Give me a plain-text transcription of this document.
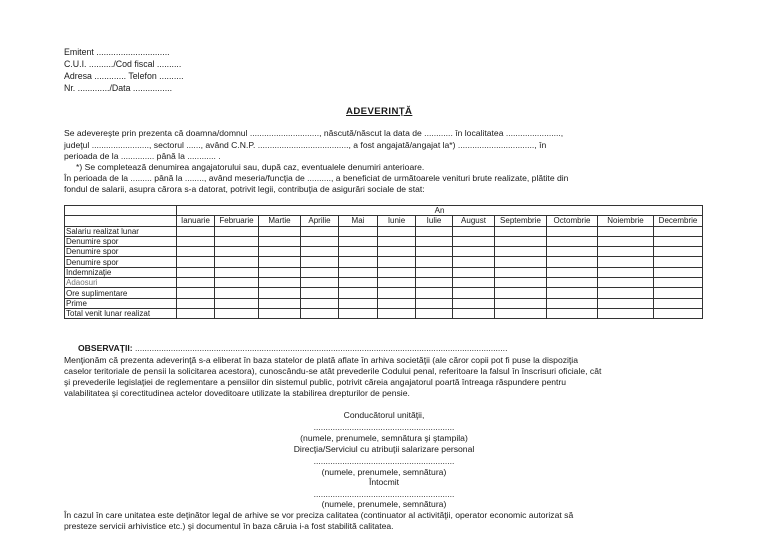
Emitent ..............................
C.U.I. ........../Cod fiscal ..........
Adresa ............. Telefon ..........
Nr. ............./Data ................
ADEVERINŢĂ
Se adevereşte prin prezenta că doamna/domnul ............................., născută/născut la data de ............ în localitatea .......................,
judeţul ........................, sectorul ......, având C.N.P. ......................................, a fost angajată/angajat la*) ................................, în
perioada de la .............. până la ............ .
*) Se completează denumirea angajatorului sau, după caz, eventualele denumiri anterioare.
În perioada de la ......... până la ........, având meseria/funcţia de .........., a beneficiat de următoarele venituri brute realizate, plătite din
fondul de salarii, asupra cărora s-a datorat, potrivit legii, contribuţia de asigurări sociale de stat:
	An											
	Ianuarie	Februarie	Martie	Aprilie	Mai	Iunie	Iulie	August	Septembrie	Octombrie	Noiembrie	Decembrie
Salariu realizat lunar												
Denumire spor												
Denumire spor												
Denumire spor												
Indemnizaţie												
Adaosuri												
Ore suplimentare												
Prime												
Total venit lunar realizat												
OBSERVAŢII: ............................................................................................................................................................
Menţionăm că prezenta adeverinţă s-a eliberat în baza statelor de plată aflate în arhiva societăţii (ale căror copii pot fi puse la dispoziţia
caselor teritoriale de pensii la solicitarea acestora), cunoscându-se atât prevederile Codului penal, referitoare la falsul în înscrisuri oficiale, cât
şi prevederile legislaţiei de reglementare a pensiilor din sistemul public, potrivit căreia angajatorul poartă întreaga răspundere pentru
valabilitatea şi corectitudinea actelor doveditoare utilizate la stabilirea drepturilor de pensie.
Conducătorul unităţii,
...........................................................
(numele, prenumele, semnătura şi ştampila)
Direcţia/Serviciul cu atribuţii salarizare personal
...........................................................
(numele, prenumele, semnătura)
Întocmit
...........................................................
(numele, prenumele, semnătura)
În cazul în care unitatea este deţinător legal de arhive se vor preciza calitatea (continuator al activităţii, operator economic autorizat să
presteze servicii arhivistice etc.) şi documentul în baza căruia i-a fost stabilită calitatea.
